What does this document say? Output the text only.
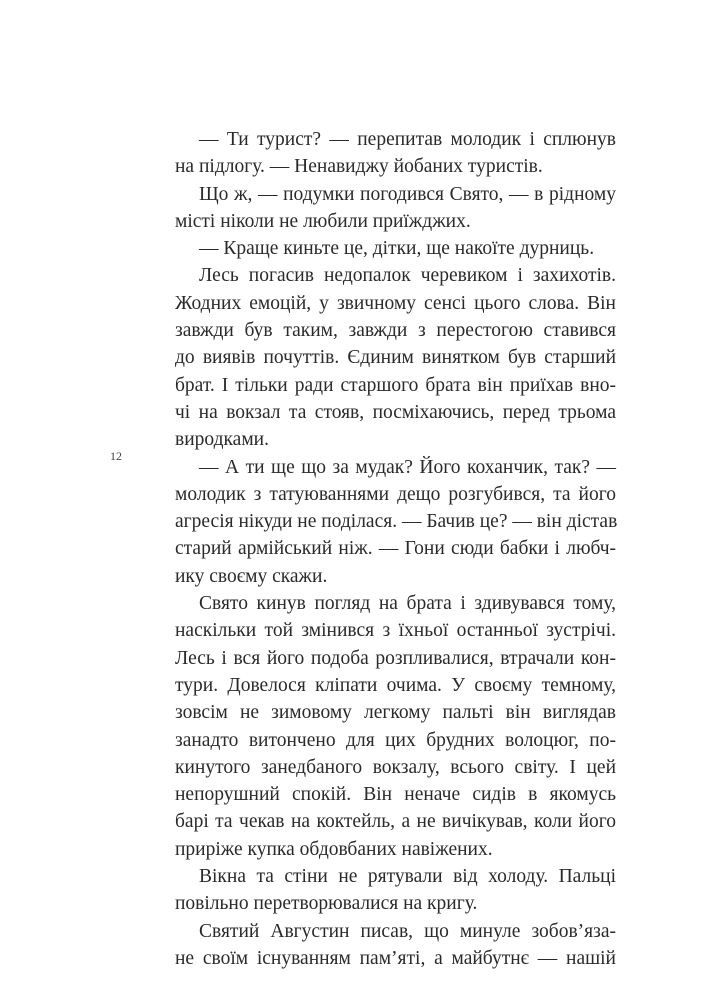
12

— Ти турист? — перепитав молодик і сплюнув

на підлогу. — Ненавиджу йобаних туристів.

Що ж, — подумки погодився Свято, — в рідному

місті ніколи не любили приїжджих.

— Краще киньте це, дітки, ще накоїте дурниць.

Лесь погасив недопалок черевиком і захихотів.

Жодних емоцій, у звичному сенсі цього слова. Він

завжди був таким, завжди з перестогою ставився

до виявів почуттів. Єдиним винятком був старший

брат. І тільки ради старшого брата він приїхав вно-

чі на вокзал та стояв, посміхаючись, перед трьома

виродками.

— А ти ще що за мудак? Його коханчик, так? —

молодик з татуюваннями дещо розгубився, та його

агресія нікуди не поділася. — Бачив це? — він дістав

старий армійський ніж. — Гони сюди бабки і любч-

ику своєму скажи.

Свято кинув погляд на брата і здивувався тому,

наскільки той змінився з їхньої останньої зустрічі.

Лесь і вся його подоба розпливалися, втрачали кон-

тури. Довелося кліпати очима. У своєму темному,

зовсім не зимовому легкому пальті він виглядав

занадто витончено для цих брудних волоцюг, по-

кинутого занедбаного вокзалу, всього світу. І цей

непорушний спокій. Він неначе сидів в якомусь

барі та чекав на коктейль, а не вичікував, коли його

приріже купка обдовбаних навіжених.

Вікна та стіни не рятували від холоду. Пальці

повільно перетворювалися на кригу.

Святий Августин писав, що минуле зобов’яза-

не своїм існуванням пам’яті, а майбутнє — нашій
